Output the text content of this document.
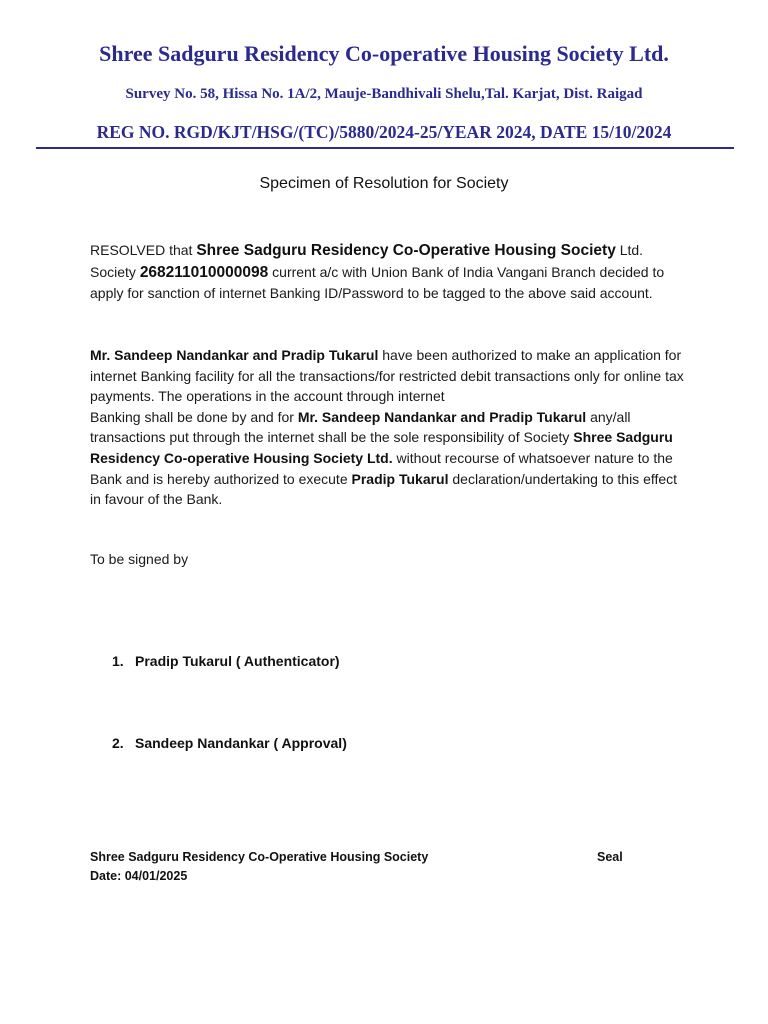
Shree Sadguru Residency Co-operative Housing Society Ltd.

Survey No. 58, Hissa No. 1A/2, Mauje-Bandhivali Shelu,Tal. Karjat, Dist. Raigad

REG NO. RGD/KJT/HSG/(TC)/5880/2024-25/YEAR 2024, DATE 15/10/2024

Specimen of Resolution for Society

RESOLVED that Shree Sadguru Residency Co-Operative Housing Society Ltd. Society 268211010000098 current a/c with Union Bank of India Vangani Branch decided to apply for sanction of internet Banking ID/Password to be tagged to the above said account.

Mr. Sandeep Nandankar and Pradip Tukarul have been authorized to make an application for internet Banking facility for all the transactions/for restricted debit transactions only for online tax payments. The operations in the account through internet
Banking shall be done by and for Mr. Sandeep Nandankar and Pradip Tukarul any/all transactions put through the internet shall be the sole responsibility of Society Shree Sadguru Residency Co-operative Housing Society Ltd. without recourse of whatsoever nature to the Bank and is hereby authorized to execute Pradip Tukarul declaration/undertaking to this effect in favour of the Bank.

To be signed by

1. Pradip Tukarul ( Authenticator)

2. Sandeep Nandankar ( Approval)

Shree Sadguru Residency Co-Operative Housing Society	Seal

Date: 04/01/2025
